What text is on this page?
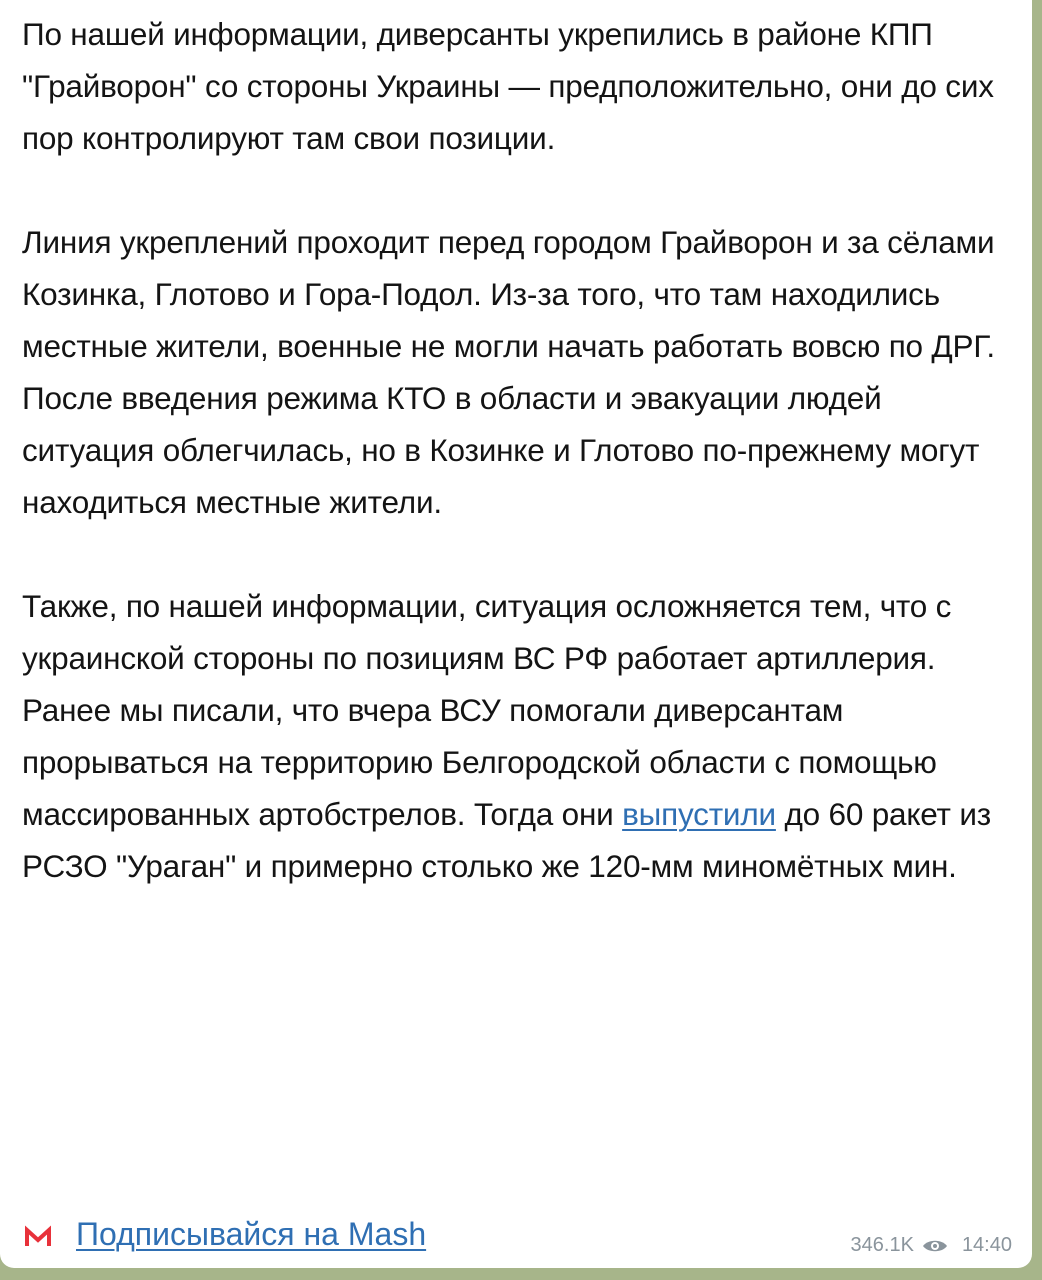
По нашей информации, диверсанты укрепились в районе КПП "Грайворон" со стороны Украины — предположительно, они до сих пор контролируют там свои позиции.

Линия укреплений проходит перед городом Грайворон и за сёлами Козинка, Глотово и Гора-Подол. Из-за того, что там находились местные жители, военные не могли начать работать вовсю по ДРГ. После введения режима КТО в области и эвакуации людей ситуация облегчилась, но в Козинке и Глотово по-прежнему могут находиться местные жители.

Также, по нашей информации, ситуация осложняется тем, что с украинской стороны по позициям ВС РФ работает артиллерия. Ранее мы писали, что вчера ВСУ помогали диверсантам прорываться на территорию Белгородской области с помощью массированных артобстрелов. Тогда они выпустили до 60 ракет из РСЗО "Ураган" и примерно столько же 120-мм миномётных мин.

Подписывайся на Mash	346.1K 14:40
